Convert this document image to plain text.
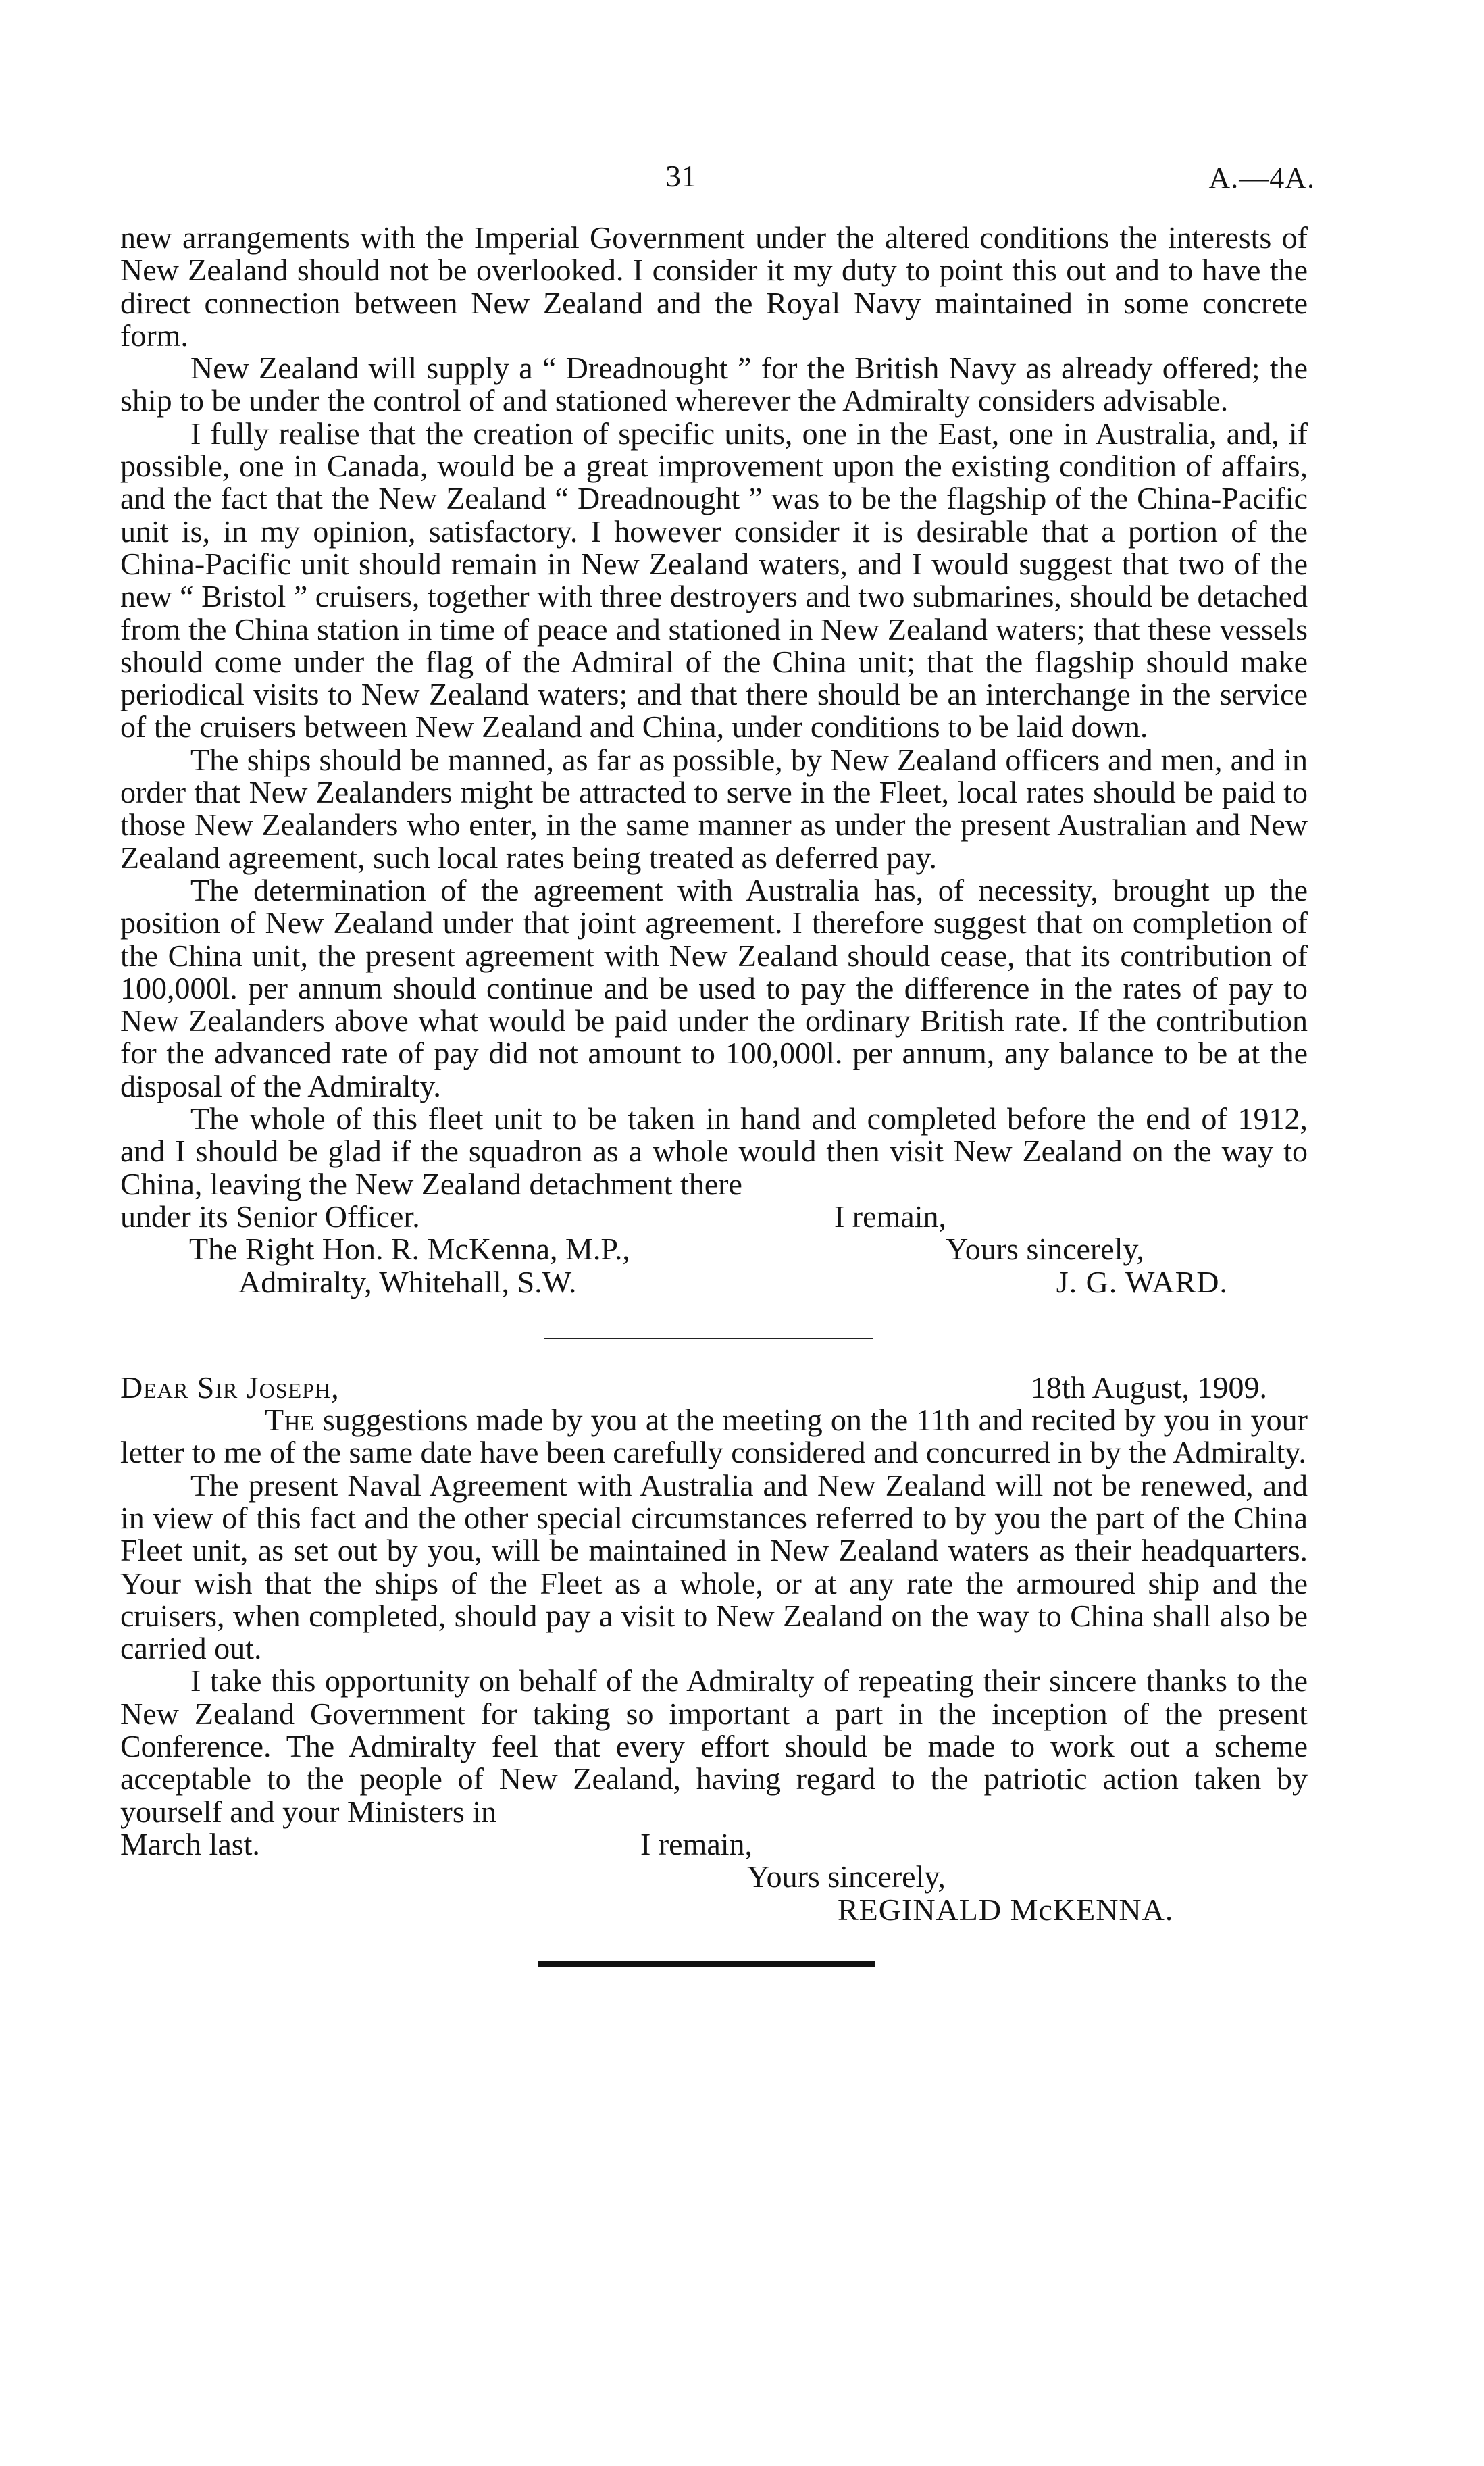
31	A.—4A.

new arrangements with the Imperial Government under the altered conditions the interests of New Zealand should not be overlooked. I consider it my duty to point this out and to have the direct connection between New Zealand and the Royal Navy maintained in some concrete form.

New Zealand will supply a “ Dreadnought ” for the British Navy as already offered; the ship to be under the control of and stationed wherever the Admiralty considers advisable.

I fully realise that the creation of specific units, one in the East, one in Australia, and, if possible, one in Canada, would be a great improvement upon the existing condition of affairs, and the fact that the New Zealand “ Dreadnought ” was to be the flagship of the China-Pacific unit is, in my opinion, satisfactory. I however consider it is desirable that a portion of the China-Pacific unit should remain in New Zealand waters, and I would suggest that two of the new “ Bristol ” cruisers, together with three destroyers and two submarines, should be detached from the China station in time of peace and stationed in New Zealand waters; that these vessels should come under the flag of the Admiral of the China unit; that the flagship should make periodical visits to New Zealand waters; and that there should be an interchange in the service of the cruisers between New Zealand and China, under conditions to be laid down.

The ships should be manned, as far as possible, by New Zealand officers and men, and in order that New Zealanders might be attracted to serve in the Fleet, local rates should be paid to those New Zealanders who enter, in the same manner as under the present Australian and New Zealand agreement, such local rates being treated as deferred pay.

The determination of the agreement with Australia has, of necessity, brought up the position of New Zealand under that joint agreement. I therefore suggest that on completion of the China unit, the present agreement with New Zealand should cease, that its contribution of 100,000l. per annum should continue and be used to pay the difference in the rates of pay to New Zealanders above what would be paid under the ordinary British rate. If the contribution for the advanced rate of pay did not amount to 100,000l. per annum, any balance to be at the disposal of the Admiralty.

The whole of this fleet unit to be taken in hand and completed before the end of 1912, and I should be glad if the squadron as a whole would then visit New Zealand on the way to China, leaving the New Zealand detachment there

under its Senior Officer.	I remain,
The Right Hon. R. McKenna, M.P.,	Yours sincerely,
Admiralty, Whitehall, S.W.	J. G. WARD.
Dear Sir Joseph,	18th August, 1909.

The suggestions made by you at the meeting on the 11th and recited by you in your letter to me of the same date have been carefully considered and concurred in by the Admiralty.

The present Naval Agreement with Australia and New Zealand will not be renewed, and in view of this fact and the other special circumstances referred to by you the part of the China Fleet unit, as set out by you, will be maintained in New Zealand waters as their headquarters. Your wish that the ships of the Fleet as a whole, or at any rate the armoured ship and the cruisers, when completed, should pay a visit to New Zealand on the way to China shall also be carried out.

I take this opportunity on behalf of the Admiralty of repeating their sincere thanks to the New Zealand Government for taking so important a part in the inception of the present Conference. The Admiralty feel that every effort should be made to work out a scheme acceptable to the people of New Zealand, having regard to the patriotic action taken by yourself and your Ministers in

March last.	I remain,
Yours sincerely,
REGINALD McKENNA.
